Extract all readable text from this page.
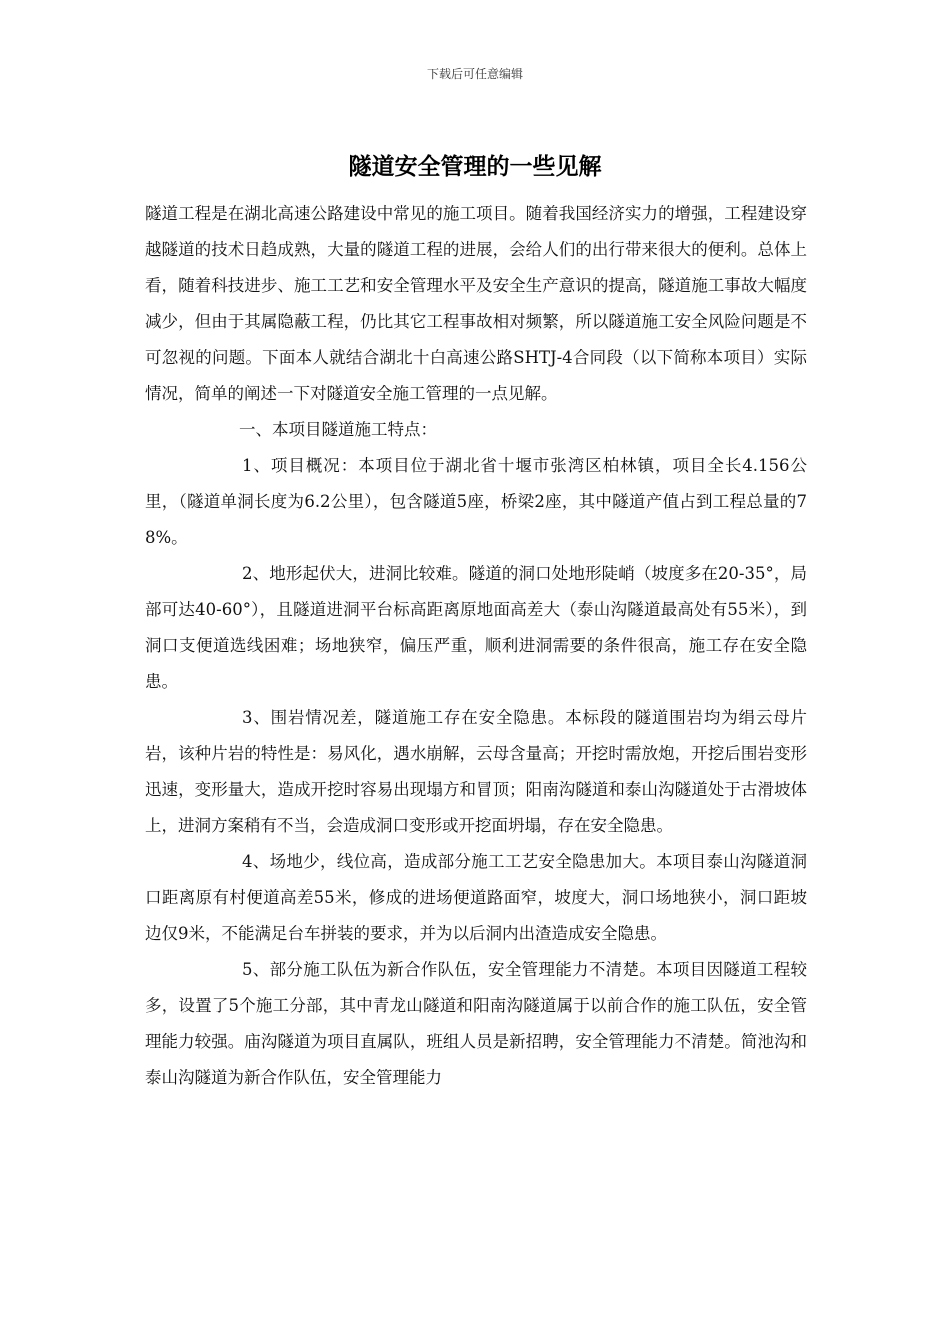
下载后可任意编辑
隧道安全管理的一些见解

隧道工程是在湖北高速公路建设中常见的施工项目。随着我国经济实力的增强，工程建设穿越隧道的技术日趋成熟，大量的隧道工程的进展，会给人们的出行带来很大的便利。总体上看，随着科技进步、施工工艺和安全管理水平及安全生产意识的提高，隧道施工事故大幅度减少，但由于其属隐蔽工程，仍比其它工程事故相对频繁，所以隧道施工安全风险问题是不可忽视的问题。下面本人就结合湖北十白高速公路SHTJ-4合同段（以下简称本项目）实际情况，简单的阐述一下对隧道安全施工管理的一点见解。

一、本项目隧道施工特点：

1、项目概况：本项目位于湖北省十堰市张湾区柏林镇，项目全长4.156公里，（隧道单洞长度为6.2公里），包含隧道5座，桥梁2座，其中隧道产值占到工程总量的78%。

2、地形起伏大，进洞比较难。隧道的洞口处地形陡峭（坡度多在20-35°，局部可达40-60°），且隧道进洞平台标高距离原地面高差大（泰山沟隧道最高处有55米），到洞口支便道选线困难；场地狭窄，偏压严重，顺利进洞需要的条件很高，施工存在安全隐患。

3、围岩情况差，隧道施工存在安全隐患。本标段的隧道围岩均为绢云母片岩，该种片岩的特性是：易风化，遇水崩解，云母含量高；开挖时需放炮，开挖后围岩变形迅速，变形量大，造成开挖时容易出现塌方和冒顶；阳南沟隧道和泰山沟隧道处于古滑坡体上，进洞方案稍有不当，会造成洞口变形或开挖面坍塌，存在安全隐患。

4、场地少，线位高，造成部分施工工艺安全隐患加大。本项目泰山沟隧道洞口距离原有村便道高差55米，修成的进场便道路面窄，坡度大，洞口场地狭小，洞口距坡边仅9米，不能满足台车拼装的要求，并为以后洞内出渣造成安全隐患。

5、部分施工队伍为新合作队伍，安全管理能力不清楚。本项目因隧道工程较多，设置了5个施工分部，其中青龙山隧道和阳南沟隧道属于以前合作的施工队伍，安全管理能力较强。庙沟隧道为项目直属队，班组人员是新招聘，安全管理能力不清楚。简池沟和泰山沟隧道为新合作队伍，安全管理能力
